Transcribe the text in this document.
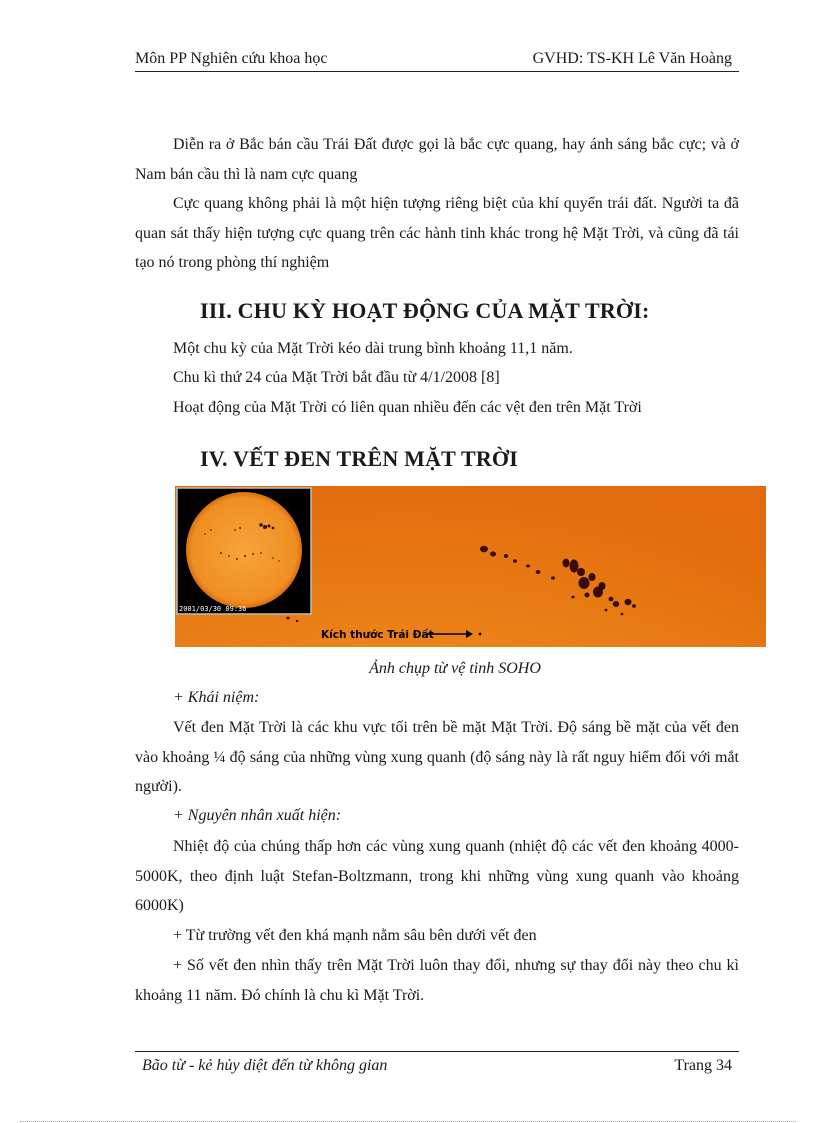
Môn PP Nghiên cứu khoa học	GVHD: TS-KH Lê Văn Hoàng
Diễn ra ở Bắc bán cầu Trái Đất được gọi là bắc cực quang, hay ánh sáng bắc cực; và ở Nam bán cầu thì là nam cực quang
Cực quang không phải là một hiện tượng riêng biệt của khí quyển trái đất. Người ta đã quan sát thấy hiện tượng cực quang trên các hành tinh khác trong hệ Mặt Trời, và cũng đã tái tạo nó trong phòng thí nghiệm
III. CHU KỲ HOẠT ĐỘNG CỦA MẶT TRỜI:
Một chu kỳ của Mặt Trời kéo dài trung bình khoảng 11,1 năm.
Chu kì thứ 24 của Mặt Trời bắt đầu từ 4/1/2008 [8]
Hoạt động của Mặt Trời có liên quan nhiều đến các vệt đen trên Mặt Trời
IV. VẾT ĐEN TRÊN MẶT TRỜI
2001/03/30 09:36
Kích thước Trái Đất
Ảnh chụp từ vệ tinh SOHO
+ Khái niệm:
Vết đen Mặt Trời là các khu vực tối trên bề mặt Mặt Trời. Độ sáng bề mặt của vết đen vào khoảng ¼ độ sáng của những vùng xung quanh (độ sáng này là rất nguy hiểm đối với mắt người).
+ Nguyên nhân xuất hiện:
Nhiệt độ của chúng thấp hơn các vùng xung quanh (nhiệt độ các vết đen khoảng 4000-5000K, theo định luật Stefan-Boltzmann, trong khi những vùng xung quanh vào khoảng 6000K)
+ Từ trường vết đen khá mạnh nằm sâu bên dưới vết đen
+ Số vết đen nhìn thấy trên Mặt Trời luôn thay đổi, nhưng sự thay đổi này theo chu kì khoảng 11 năm. Đó chính là chu kì Mặt Trời.
Bão từ - kẻ hủy diệt đến từ không gian	Trang 34
